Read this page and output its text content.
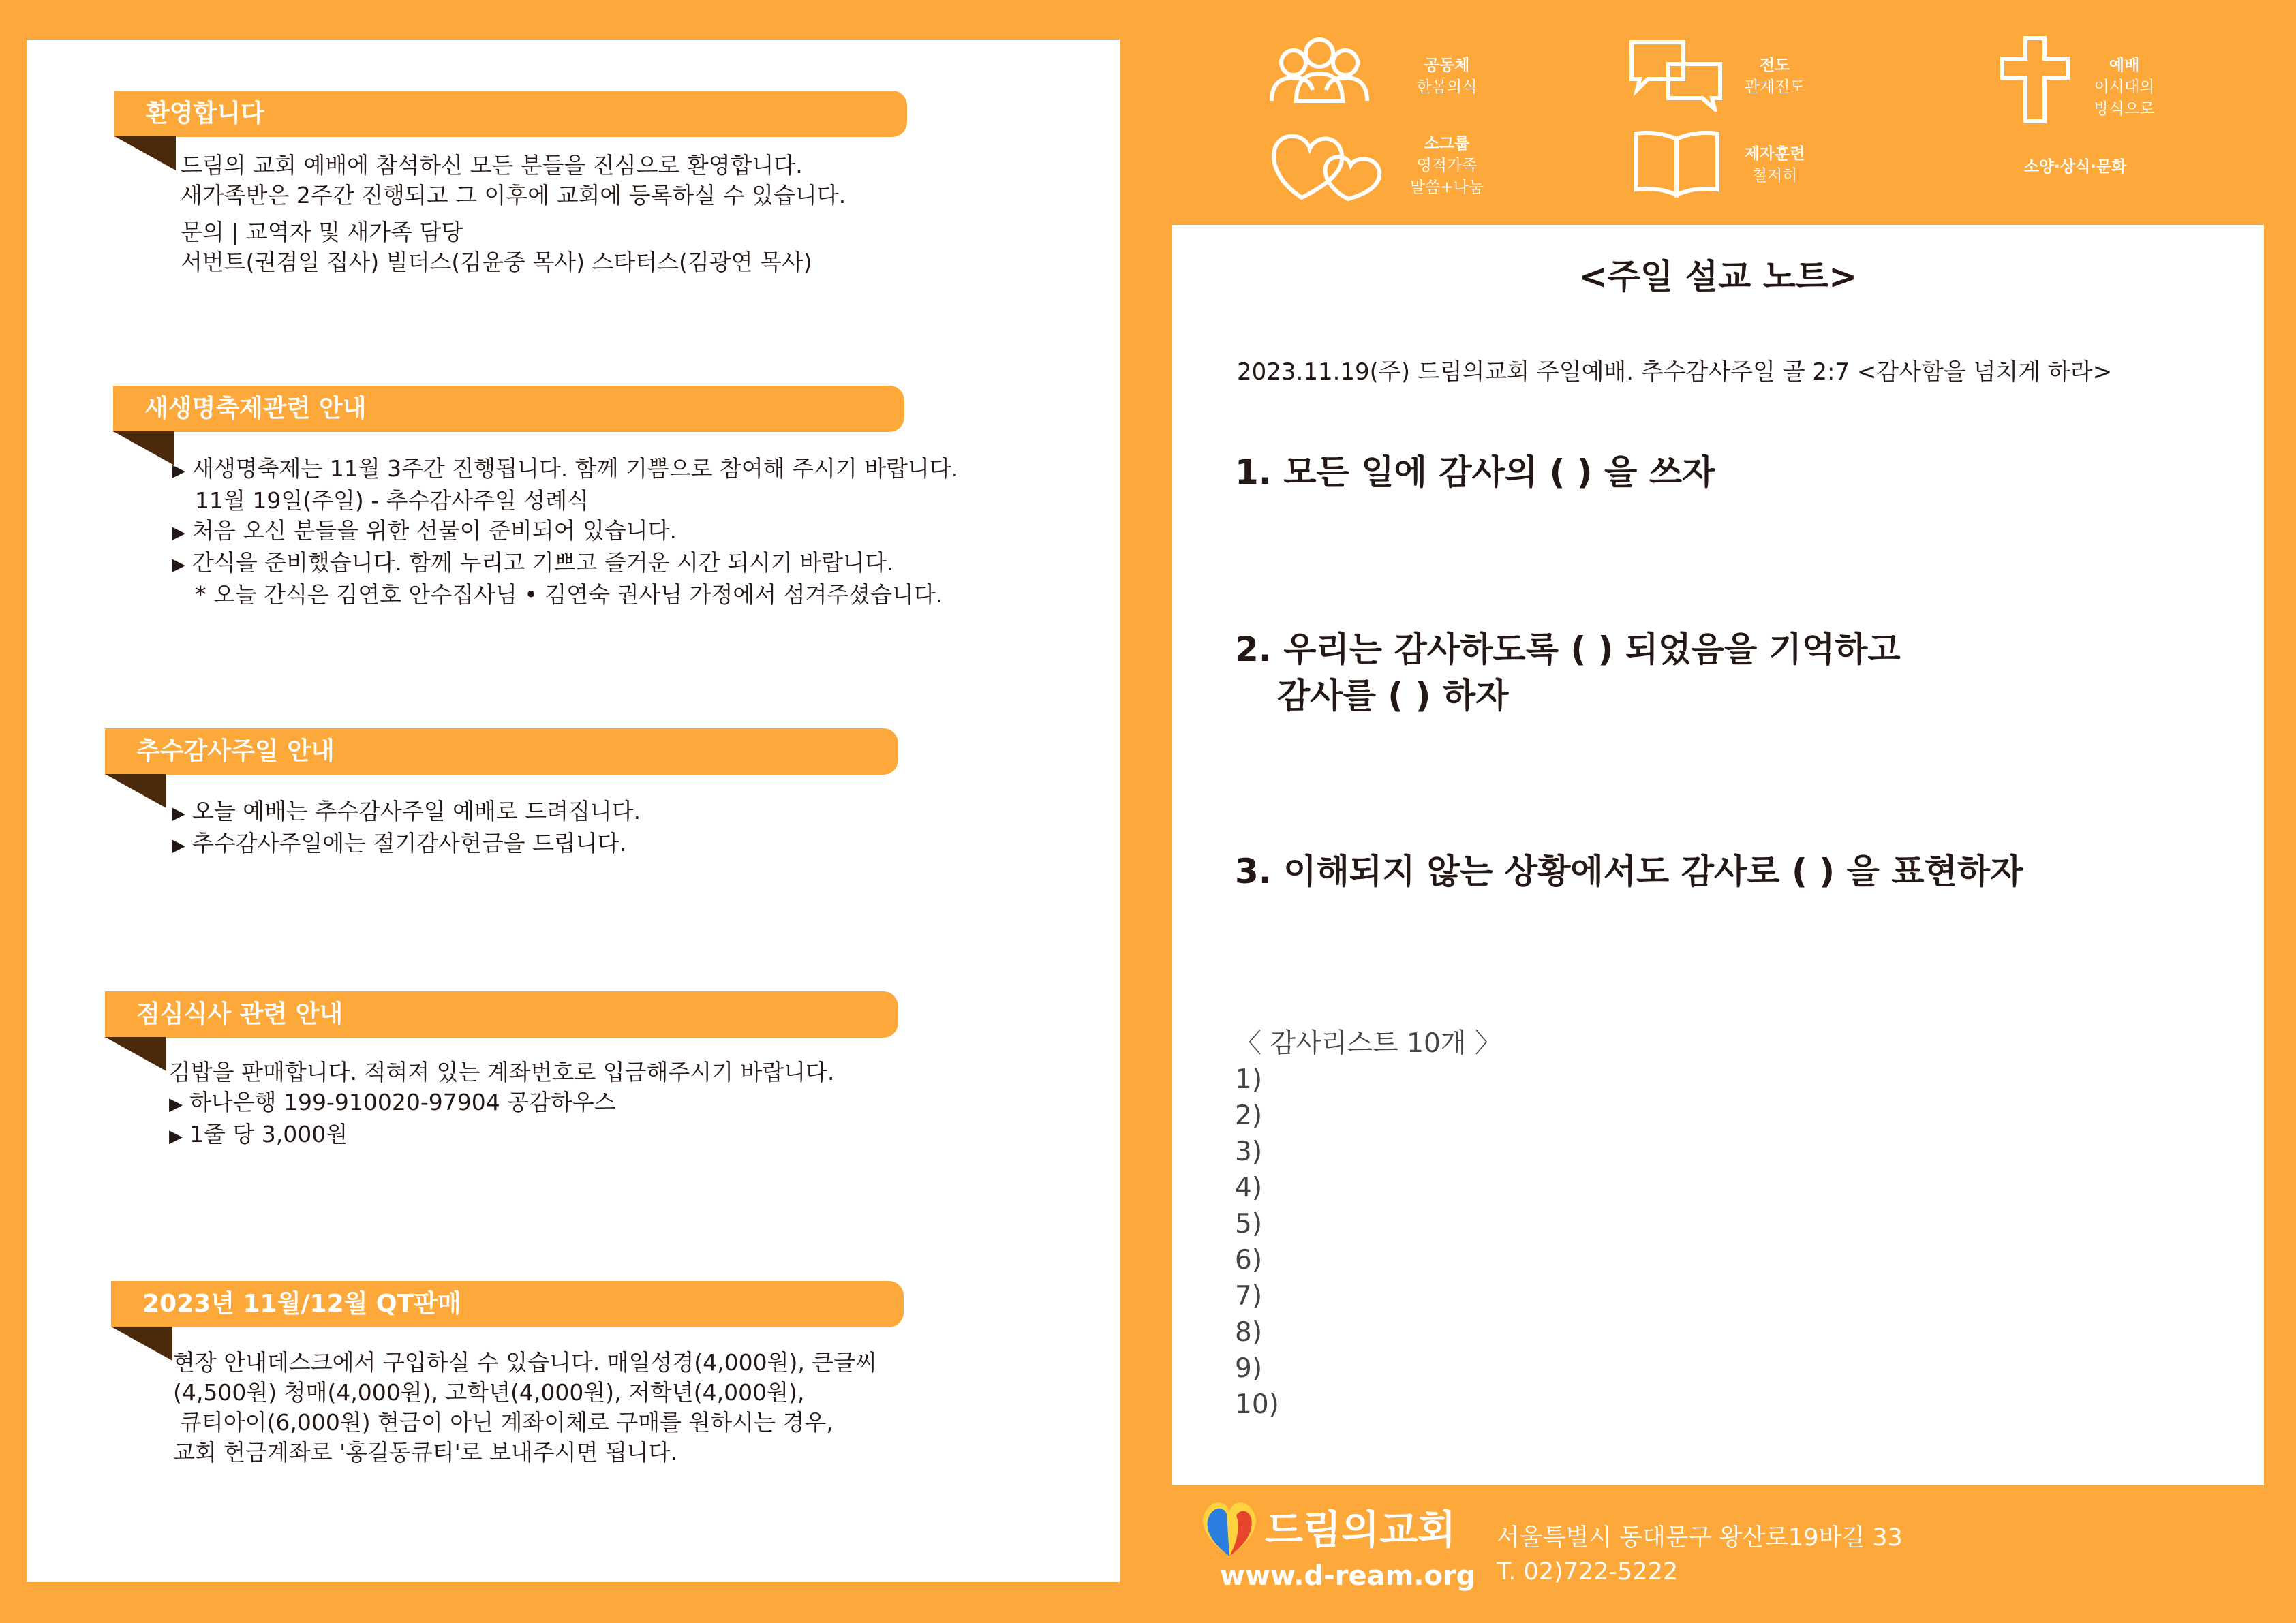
환영합니다
드림의 교회 예배에 참석하신 모든 분들을 진심으로 환영합니다.
새가족반은 2주간 진행되고 그 이후에 교회에 등록하실 수 있습니다.
문의 | 교역자 및 새가족 담당
서번트(권겸일 집사) 빌더스(김윤중 목사) 스타터스(김광연 목사)
새생명축제관련 안내
▶ 새생명축제는 11월 3주간 진행됩니다. 함께 기쁨으로 참여해 주시기 바랍니다.
11월 19일(주일) - 추수감사주일 성례식
▶ 처음 오신 분들을 위한 선물이 준비되어 있습니다.
▶ 간식을 준비했습니다. 함께 누리고 기쁘고 즐거운 시간 되시기 바랍니다.
* 오늘 간식은 김연호 안수집사님 • 김연숙 권사님 가정에서 섬겨주셨습니다.
추수감사주일 안내
▶ 오늘 예배는 추수감사주일 예배로 드려집니다.
▶ 추수감사주일에는 절기감사헌금을 드립니다.
점심식사 관련 안내
김밥을 판매합니다. 적혀져 있는 계좌번호로 입금해주시기 바랍니다.
▶ 하나은행 199-910020-97904 공감하우스
▶ 1줄 당 3,000원
2023년 11월/12월 QT판매
현장 안내데스크에서 구입하실 수 있습니다. 매일성경(4,000원), 큰글씨
(4,500원) 청매(4,000원), 고학년(4,000원), 저학년(4,000원),
큐티아이(6,000원) 현금이 아닌 계좌이체로 구매를 원하시는 경우,
교회 헌금계좌로 '홍길동큐티'로 보내주시면 됩니다.
공동체
한몸의식
전도
관계전도
예배
이시대의
방식으로
소그룹
영적가족
말씀+나눔
제자훈련
철저히	소양·상식·문화
<주일 설교 노트>
2023.11.19(주) 드림의교회 주일예배. 추수감사주일 골 2:7 <감사함을 넘치게 하라>
1. 모든 일에 감사의 ( ) 을 쓰자
2. 우리는 감사하도록 ( ) 되었음을 기억하고
감사를 ( ) 하자
3. 이해되지 않는 상황에서도 감사로 ( ) 을 표현하자
〈 감사리스트 10개 〉
1)
2)
3)
4)
5)
6)
7)
8)
9)
10)
드림의교회
www.d-ream.org
서울특별시 동대문구 왕산로19바길 33
T. 02)722-5222
